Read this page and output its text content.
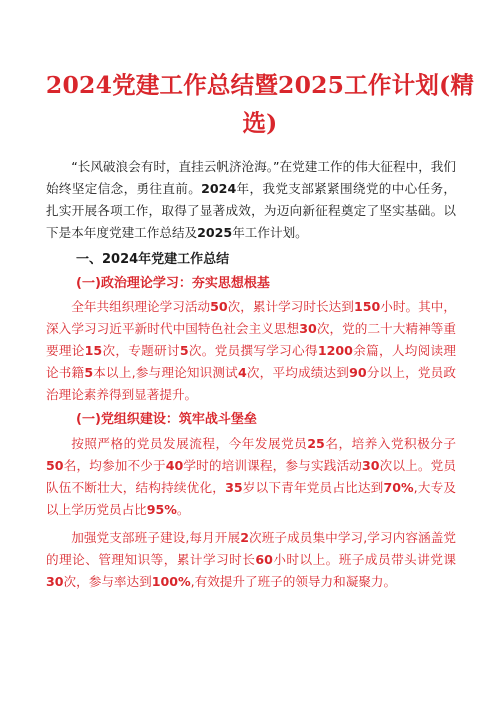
2024党建工作总结暨2025工作计划(精选)

“长风破浪会有时，直挂云帆济沧海。”在党建工作的伟大征程中，我们始终坚定信念，勇往直前。2024年，我党支部紧紧围绕党的中心任务，扎实开展各项工作，取得了显著成效，为迈向新征程奠定了坚实基础。以下是本年度党建工作总结及2025年工作计划。

一、2024年党建工作总结
(一)政治理论学习：夯实思想根基

全年共组织理论学习活动50次，累计学习时长达到150小时。其中，深入学习习近平新时代中国特色社会主义思想30次，党的二十大精神等重要理论15次，专题研讨5次。党员撰写学习心得1200余篇，人均阅读理论书籍5本以上,参与理论知识测试4次，平均成绩达到90分以上，党员政治理论素养得到显著提升。

(一)党组织建设：筑牢战斗堡垒

按照严格的党员发展流程，今年发展党员25名，培养入党积极分子50名，均参加不少于40学时的培训课程，参与实践活动30次以上。党员队伍不断壮大，结构持续优化，35岁以下青年党员占比达到70%,大专及以上学历党员占比95%。

加强党支部班子建设,每月开展2次班子成员集中学习,学习内容涵盖党的理论、管理知识等，累计学习时长60小时以上。班子成员带头讲党课30次，参与率达到100%,有效提升了班子的领导力和凝聚力。
